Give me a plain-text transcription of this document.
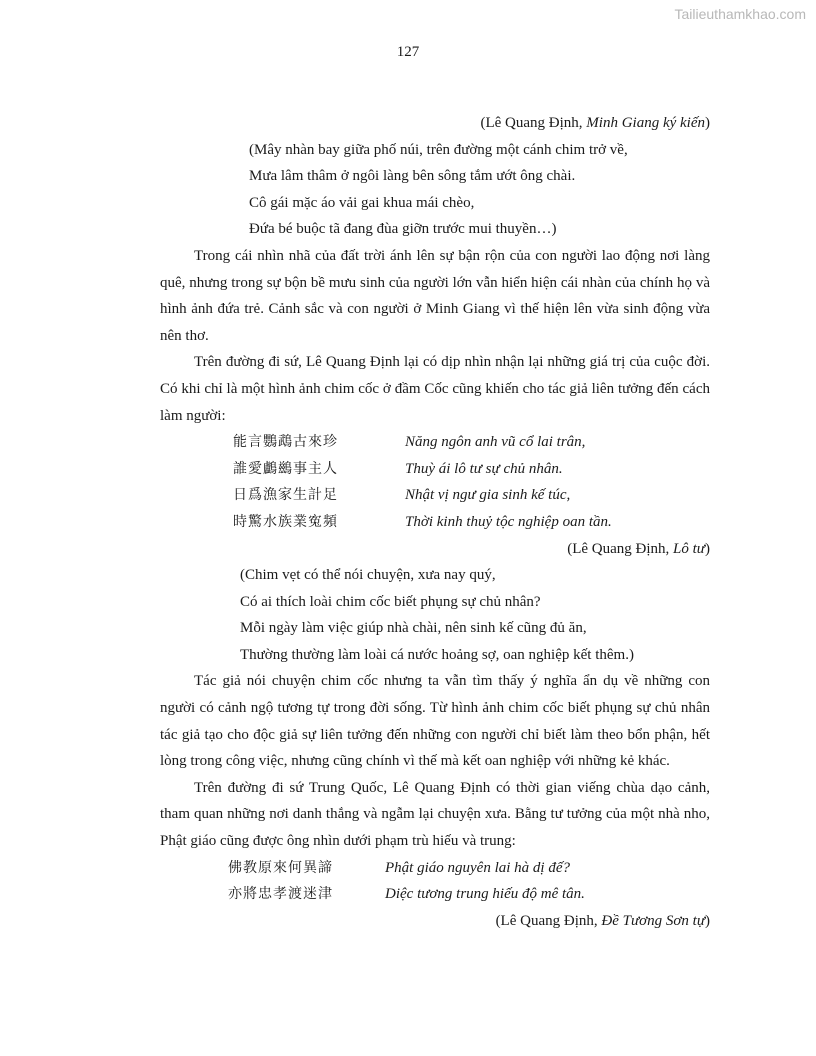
Tailieuthamkhao.com
127
(Lê Quang Định, Minh Giang ký kiến)
(Mây nhàn bay giữa phố núi, trên đường một cánh chim trở về,
Mưa lâm thâm ở ngôi làng bên sông tắm ướt ông chài.
Cô gái mặc áo vải gai khua mái chèo,
Đứa bé buộc tã đang đùa giỡn trước mui thuyền…)
Trong cái nhìn nhã của đất trời ánh lên sự bận rộn của con người lao động nơi làng quê, nhưng trong sự bộn bề mưu sinh của người lớn vẫn hiển hiện cái nhàn của chính họ và hình ảnh đứa trẻ. Cảnh sắc và con người ở Minh Giang vì thế hiện lên vừa sinh động vừa nên thơ.
Trên đường đi sứ, Lê Quang Định lại có dịp nhìn nhận lại những giá trị của cuộc đời. Có khi chỉ là một hình ảnh chim cốc ở đầm Cốc cũng khiến cho tác giả liên tưởng đến cách làm người:
能言鸚鵡古來珍	Năng ngôn anh vũ cổ lai trân,
誰愛鸕鷀事主人	Thuỳ ái lô tư sự chủ nhân.
日爲漁家生計足	Nhật vị ngư gia sinh kế túc,
時驚水族業寃頻	Thời kinh thuỷ tộc nghiệp oan tần.
(Lê Quang Định, Lô tư)
(Chim vẹt có thể nói chuyện, xưa nay quý,
Có ai thích loài chim cốc biết phụng sự chủ nhân?
Mỗi ngày làm việc giúp nhà chài, nên sinh kế cũng đủ ăn,
Thường thường làm loài cá nước hoảng sợ, oan nghiệp kết thêm.)
Tác giả nói chuyện chim cốc nhưng ta vẫn tìm thấy ý nghĩa ẩn dụ về những con người có cảnh ngộ tương tự trong đời sống. Từ hình ảnh chim cốc biết phụng sự chủ nhân tác giả tạo cho độc giả sự liên tưởng đến những con người chỉ biết làm theo bổn phận, hết lòng trong công việc, nhưng cũng chính vì thế mà kết oan nghiệp với những kẻ khác.
Trên đường đi sứ Trung Quốc, Lê Quang Định có thời gian viếng chùa dạo cảnh, tham quan những nơi danh thắng và ngẫm lại chuyện xưa. Bằng tư tưởng của một nhà nho, Phật giáo cũng được ông nhìn dưới phạm trù hiếu và trung:
佛教原來何異諦	Phật giáo nguyên lai hà dị đế?
亦將忠孝渡迷津	Diệc tương trung hiếu độ mê tân.
(Lê Quang Định, Đề Tương Sơn tự)
